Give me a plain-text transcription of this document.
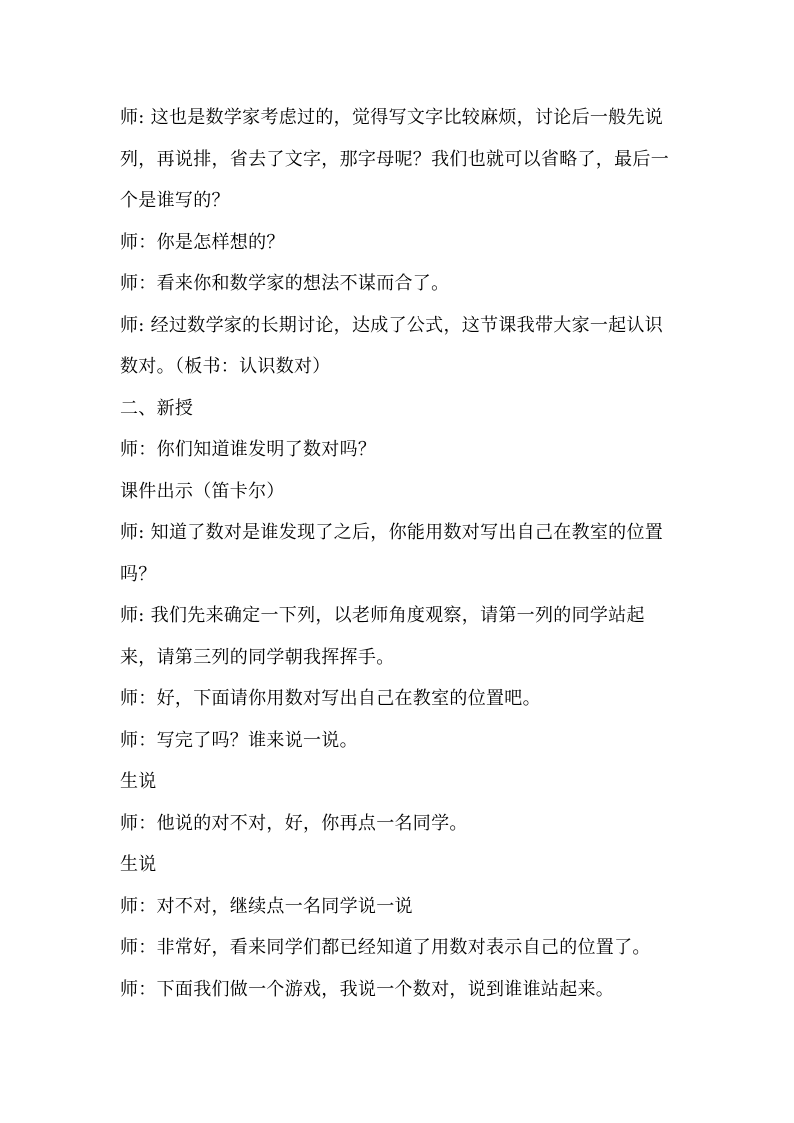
师: 这也是数学家考虑过的，觉得写文字比较麻烦，讨论后一般先说列，再说排，省去了文字，那字母呢？我们也就可以省略了，最后一个是谁写的？

师：你是怎样想的？

师：看来你和数学家的想法不谋而合了。

师: 经过数学家的长期讨论，达成了公式，这节课我带大家一起认识数对。（板书：认识数对）

二、新授

师：你们知道谁发明了数对吗？

课件出示（笛卡尔）

师: 知道了数对是谁发现了之后，你能用数对写出自己在教室的位置吗？

师: 我们先来确定一下列，以老师角度观察，请第一列的同学站起来，请第三列的同学朝我挥挥手。

师：好，下面请你用数对写出自己在教室的位置吧。

师：写完了吗？谁来说一说。

生说

师：他说的对不对，好，你再点一名同学。

生说

师：对不对，继续点一名同学说一说

师：非常好，看来同学们都已经知道了用数对表示自己的位置了。

师：下面我们做一个游戏，我说一个数对，说到谁谁站起来。
